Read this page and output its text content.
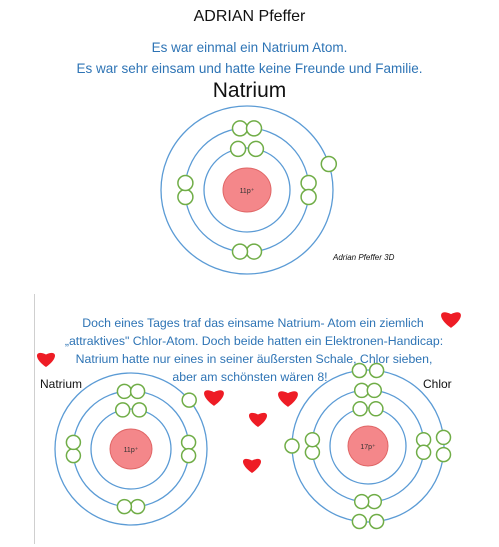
ADRIAN Pfeffer
Es war einmal ein Natrium Atom.
Es war sehr einsam und hatte keine Freunde und Familie.
Natrium
11p⁺
11p⁺	17p⁺
Adrian Pfeffer 3D
Doch eines Tages traf das einsame Natrium- Atom ein ziemlich
„attraktives" Chlor-Atom. Doch beide hatten ein Elektronen-Handicap:
Natrium hatte nur eines in seiner äußersten Schale, Chlor sieben,
aber am schönsten wären 8!
Natrium	Chlor
